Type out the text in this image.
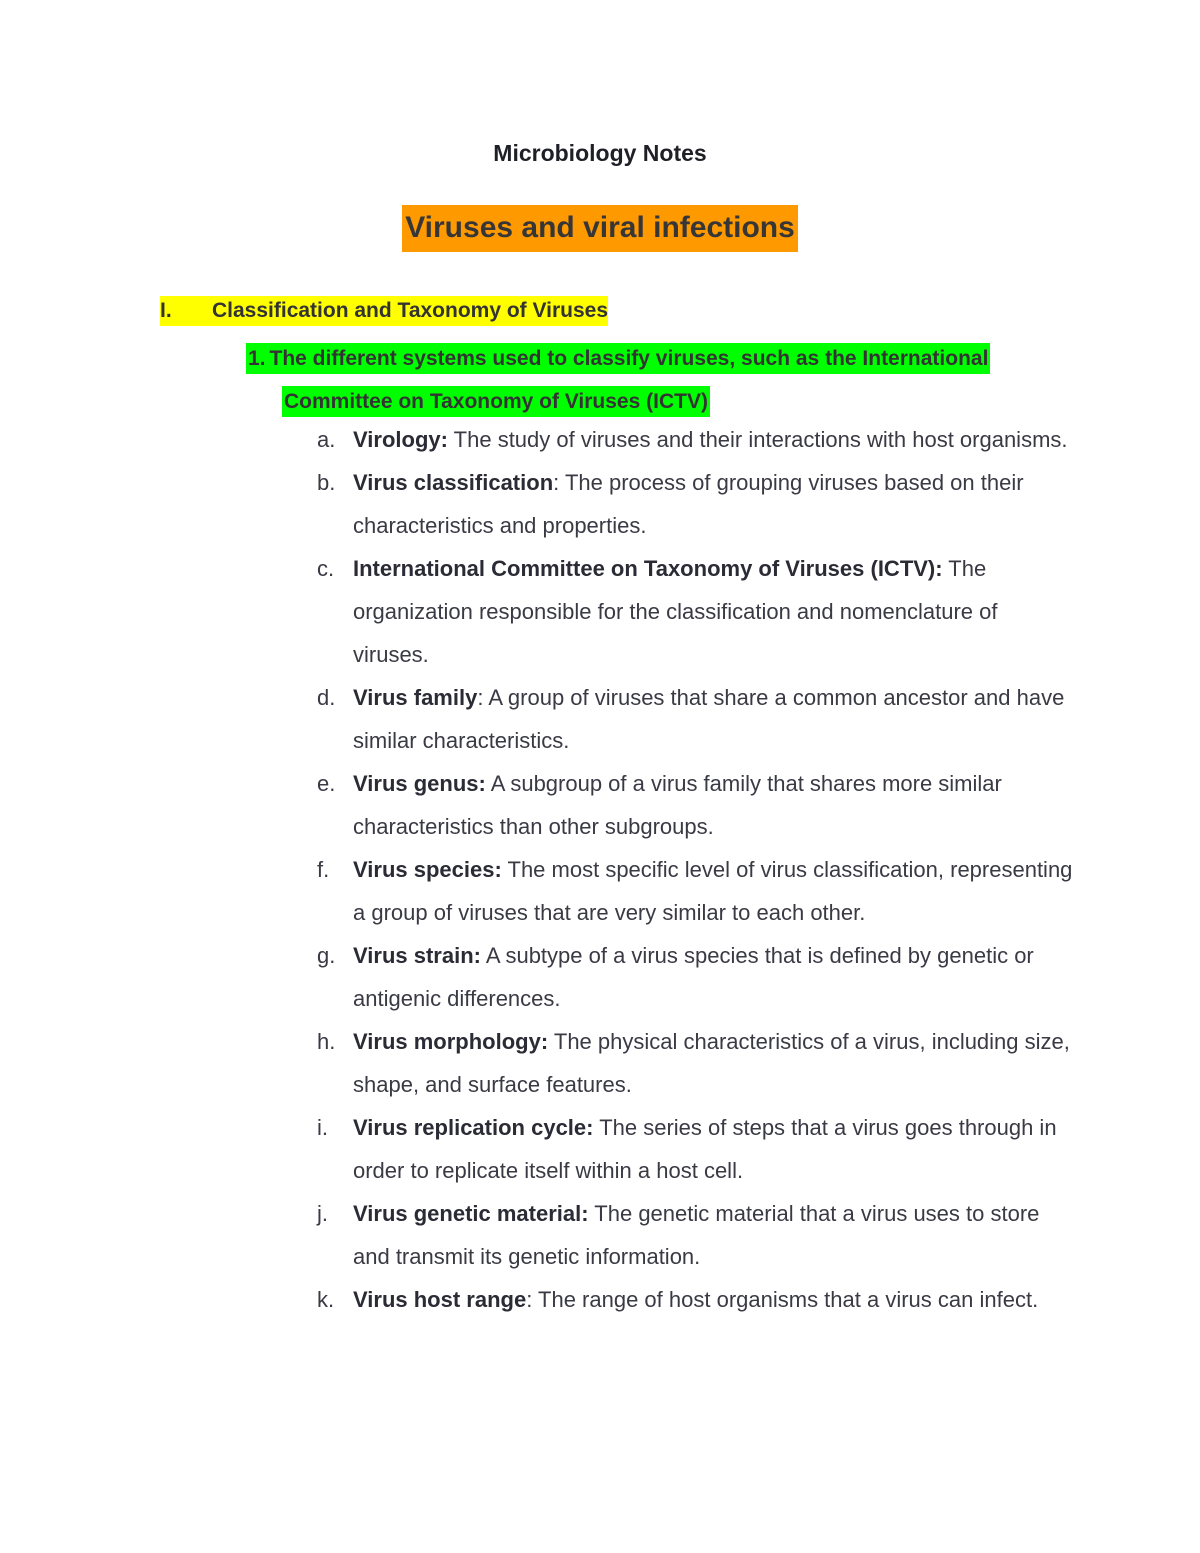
Microbiology Notes
Viruses and viral infections
I. Classification and Taxonomy of Viruses
1. The different systems used to classify viruses, such as the International
Committee on Taxonomy of Viruses (ICTV)
a. Virology: The study of viruses and their interactions with host organisms.
b. Virus classification: The process of grouping viruses based on their characteristics and properties.
c. International Committee on Taxonomy of Viruses (ICTV): The organization responsible for the classification and nomenclature of viruses.
d. Virus family: A group of viruses that share a common ancestor and have similar characteristics.
e. Virus genus: A subgroup of a virus family that shares more similar characteristics than other subgroups.
f.	Virus species: The most specific level of virus classification, representing a group of viruses that are very similar to each other.
g. Virus strain: A subtype of a virus species that is defined by genetic or antigenic differences.
h. Virus morphology: The physical characteristics of a virus, including size, shape, and surface features.
i.	Virus replication cycle: The series of steps that a virus goes through in order to replicate itself within a host cell.
j.	Virus genetic material: The genetic material that a virus uses to store and transmit its genetic information.
k. Virus host range: The range of host organisms that a virus can infect.
